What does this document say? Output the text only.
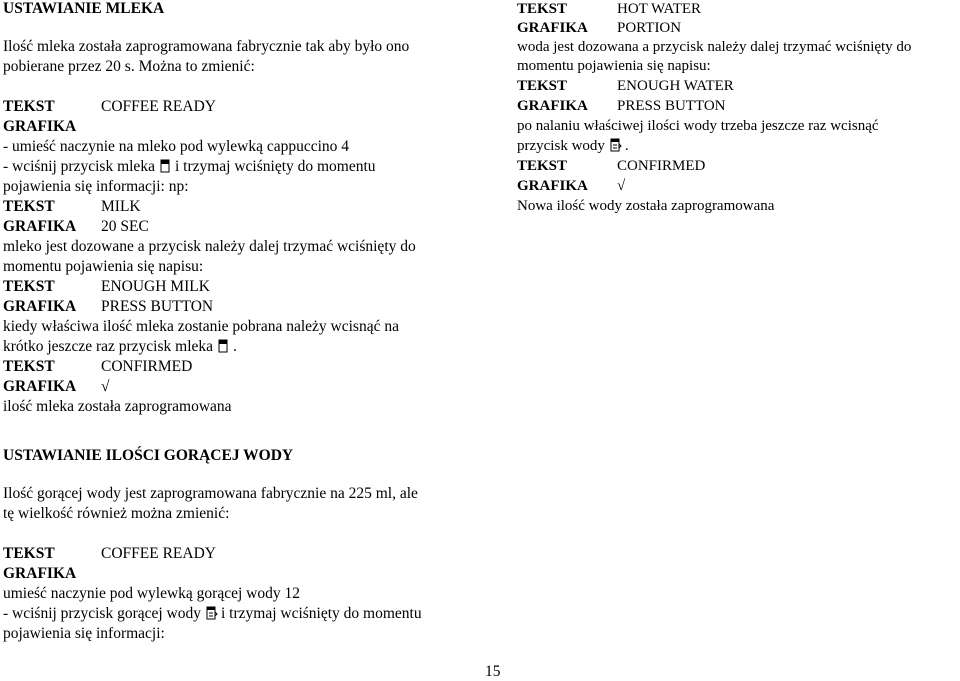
USTAWIANIE MLEKA
Ilość mleka została zaprogramowana fabrycznie tak aby było ono
pobierane przez 20 s. Można to zmienić:
TEKST	COFFEE READY
GRAFIKA
- umieść naczynie na mleko pod wylewką cappuccino 4
- wciśnij przycisk mleka i trzymaj wciśnięty do momentu
pojawienia się informacji: np:
TEKST	MILK
GRAFIKA 20 SEC
mleko jest dozowane a przycisk należy dalej trzymać wciśnięty do
momentu pojawienia się napisu:
TEKST	ENOUGH MILK
GRAFIKA PRESS BUTTON
kiedy właściwa ilość mleka zostanie pobrana należy wcisnąć na
krótko jeszcze raz przycisk mleka .
TEKST	CONFIRMED
GRAFIKA √
ilość mleka została zaprogramowana
USTAWIANIE ILOŚCI GORĄCEJ WODY
Ilość gorącej wody jest zaprogramowana fabrycznie na 225 ml, ale
tę wielkość również można zmienić:
TEKST	COFFEE READY
GRAFIKA
umieść naczynie pod wylewką gorącej wody 12
- wciśnij przycisk gorącej wody i trzymaj wciśnięty do momentu
pojawienia się informacji:
TEKST	HOT WATER
GRAFIKA PORTION
woda jest dozowana a przycisk należy dalej trzymać wciśnięty do
momentu pojawienia się napisu:
TEKST	ENOUGH WATER
GRAFIKA PRESS BUTTON
po nalaniu właściwej ilości wody trzeba jeszcze raz wcisnąć
przycisk wody .
TEKST	CONFIRMED
GRAFIKA √
Nowa ilość wody została zaprogramowana
15
